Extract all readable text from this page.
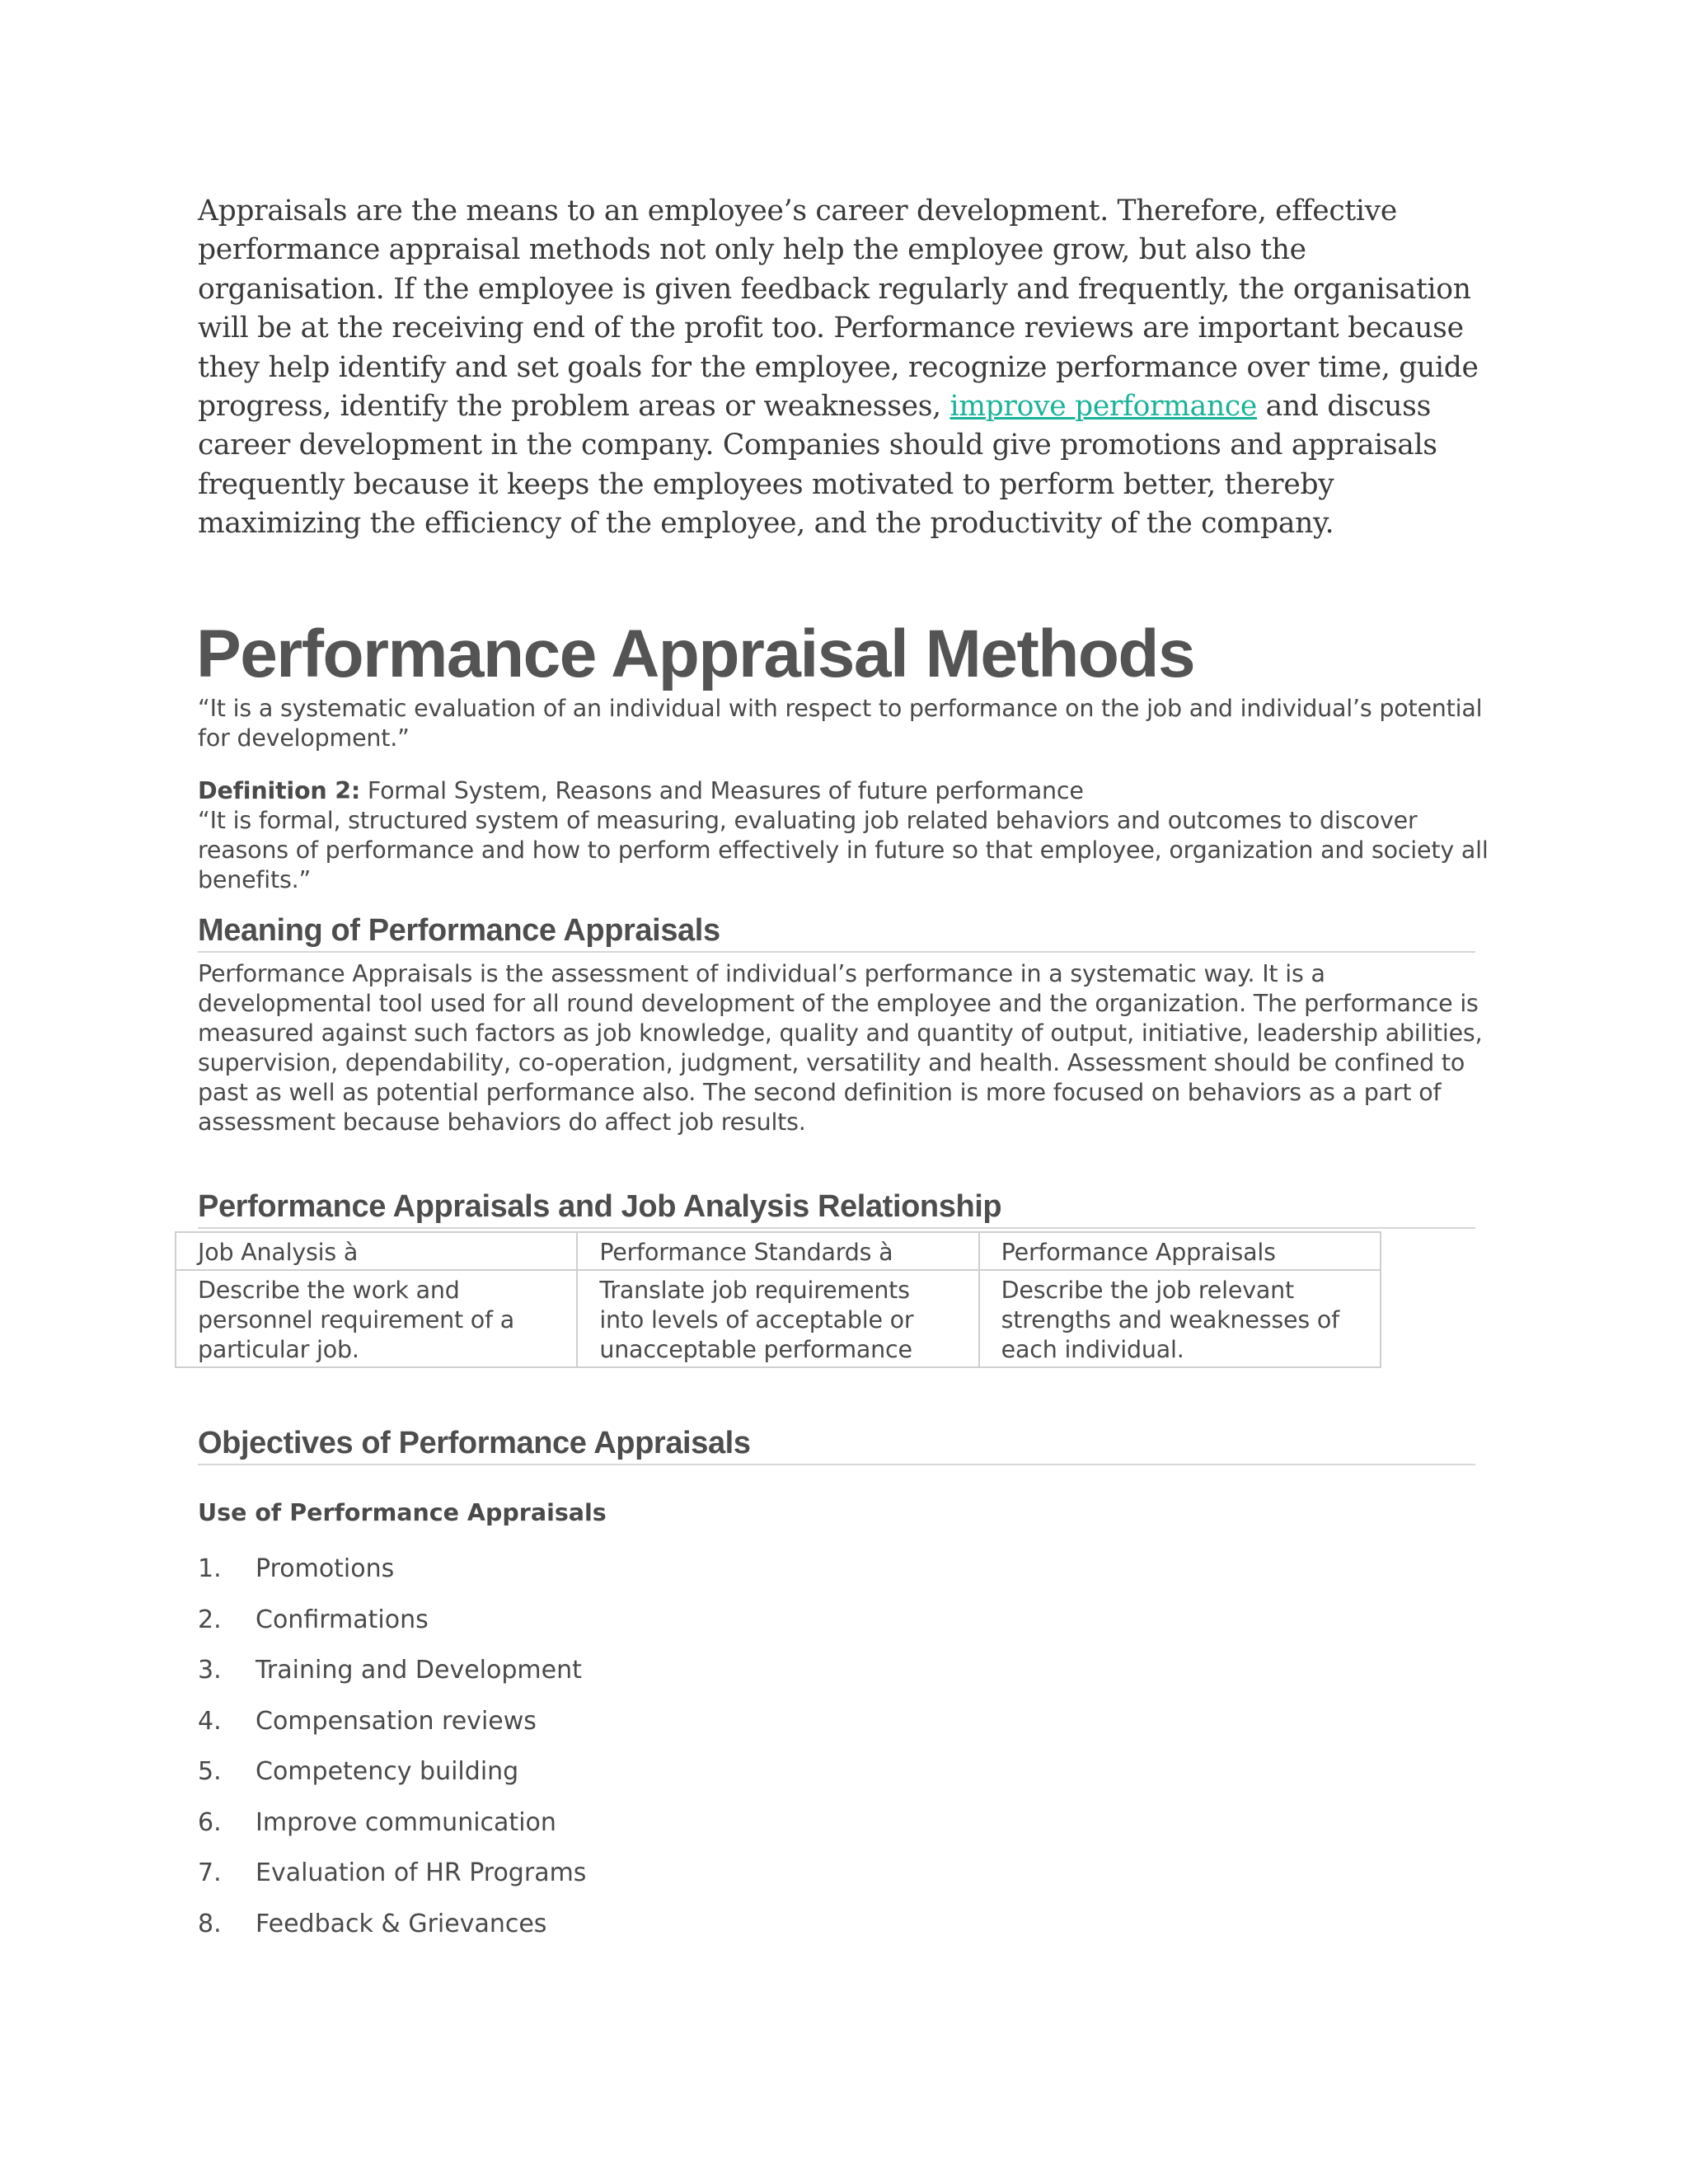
Appraisals are the means to an employee’s career development. Therefore, effective performance appraisal methods not only help the employee grow, but also the organisation. If the employee is given feedback regularly and frequently, the organisation will be at the receiving end of the profit too. Performance reviews are important because they help identify and set goals for the employee, recognize performance over time, guide progress, identify the problem areas or weaknesses, improve performance and discuss career development in the company. Companies should give promotions and appraisals frequently because it keeps the employees motivated to perform better, thereby maximizing the efficiency of the employee, and the productivity of the company.

Performance Appraisal Methods

“It is a systematic evaluation of an individual with respect to performance on the job and individual’s potential for development.”

Definition 2: Formal System, Reasons and Measures of future performance
“It is formal, structured system of measuring, evaluating job related behaviors and outcomes to discover reasons of performance and how to perform effectively in future so that employee, organization and society all benefits.”
Meaning of Performance Appraisals

Performance Appraisals is the assessment of individual’s performance in a systematic way. It is a developmental tool used for all round development of the employee and the organization. The performance is measured against such factors as job knowledge, quality and quantity of output, initiative, leadership abilities, supervision, dependability, co-operation, judgment, versatility and health. Assessment should be confined to past as well as potential performance also. The second definition is more focused on behaviors as a part of assessment because behaviors do affect job results.

Performance Appraisals and Job Analysis Relationship
Job Analysis à	Performance Standards à	Performance Appraisals
Describe the work and personnel requirement of a particular job.	Translate job requirements into levels of acceptable or unacceptable performance	Describe the job relevant strengths and weaknesses of each individual.
Objectives of Performance Appraisals

Use of Performance Appraisals

1.	Promotions
2.	Confirmations
3.	Training and Development
4.	Compensation reviews
5.	Competency building
6.	Improve communication
7.	Evaluation of HR Programs
8.	Feedback & Grievances
